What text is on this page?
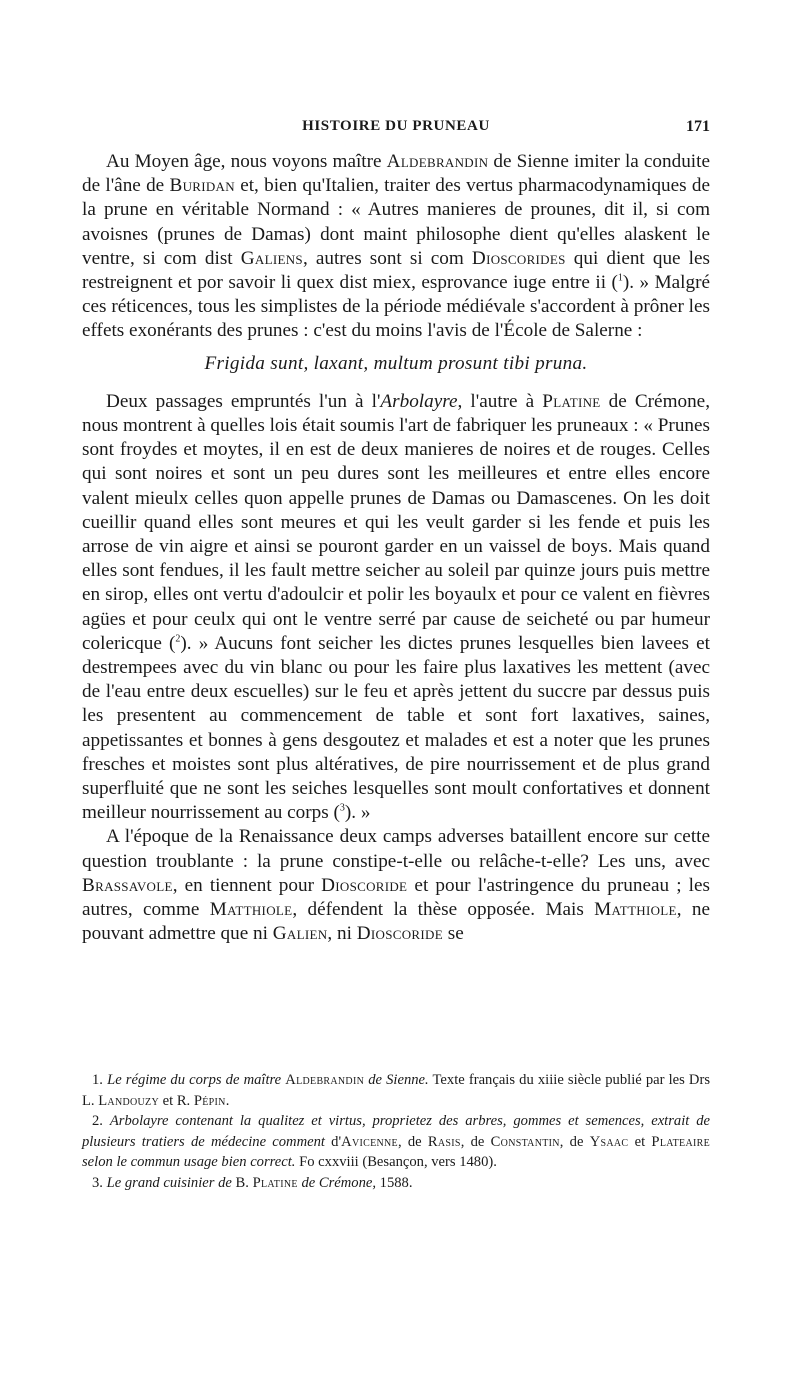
HISTOIRE DU PRUNEAU	171

Au Moyen âge, nous voyons maître Aldebrandin de Sienne imiter la conduite de l'âne de Buridan et, bien qu'Italien, traiter des vertus pharmacodynamiques de la prune en véritable Normand : « Autres manieres de prounes, dit il, si com avoisnes (prunes de Damas) dont maint philosophe dient qu'elles alaskent le ventre, si com dist Galiens, autres sont si com Dioscorides qui dient que les restreignent et por savoir li quex dist miex, esprovance iuge entre ii ($^1$). » Malgré ces réticences, tous les simplistes de la période médiévale s'accordent à prôner les effets exonérants des prunes : c'est du moins l'avis de l'École de Salerne :

Frigida sunt, laxant, multum prosunt tibi pruna.

Deux passages empruntés l'un à l'Arbolayre, l'autre à Platine de Crémone, nous montrent à quelles lois était soumis l'art de fabriquer les pruneaux : « Prunes sont froydes et moytes, il en est de deux manieres de noires et de rouges. Celles qui sont noires et sont un peu dures sont les meilleures et entre elles encore valent mieulx celles quon appelle prunes de Damas ou Damascenes. On les doit cueillir quand elles sont meures et qui les veult garder si les fende et puis les arrose de vin aigre et ainsi se pouront garder en un vaissel de boys. Mais quand elles sont fendues, il les fault mettre seicher au soleil par quinze jours puis mettre en sirop, elles ont vertu d'adoulcir et polir les boyaulx et pour ce valent en fièvres agües et pour ceulx qui ont le ventre serré par cause de seicheté ou par humeur colericque ($^2$). » Aucuns font seicher les dictes prunes lesquelles bien lavees et destrempees avec du vin blanc ou pour les faire plus laxatives les mettent (avec de l'eau entre deux escuelles) sur le feu et après jettent du succre par dessus puis les presentent au commencement de table et sont fort laxatives, saines, appetissantes et bonnes à gens desgoutez et malades et est a noter que les prunes fresches et moistes sont plus altératives, de pire nourrissement et de plus grand superfluité que ne sont les seiches lesquelles sont moult confortatives et donnent meilleur nourrissement au corps ($^3$). »

A l'époque de la Renaissance deux camps adverses bataillent encore sur cette question troublante : la prune constipe-t-elle ou relâche-t-elle? Les uns, avec Brassavole, en tiennent pour Dioscoride et pour l'astringence du pruneau ; les autres, comme Matthiole, défendent la thèse opposée. Mais Matthiole, ne pouvant admettre que ni Galien, ni Dioscoride se

1. Le régime du corps de maître Aldebrandin de Sienne. Texte français du xiiie siècle publié par les Drs L. Landouzy et R. Pépin.

2. Arbolayre contenant la qualitez et virtus, proprietez des arbres, gommes et semences, extrait de plusieurs tratiers de médecine comment d'Avicenne, de Rasis, de Constantin, de Ysaac et Plateaire selon le commun usage bien correct. Fo cxxviii (Besançon, vers 1480).

3. Le grand cuisinier de B. Platine de Crémone, 1588.
